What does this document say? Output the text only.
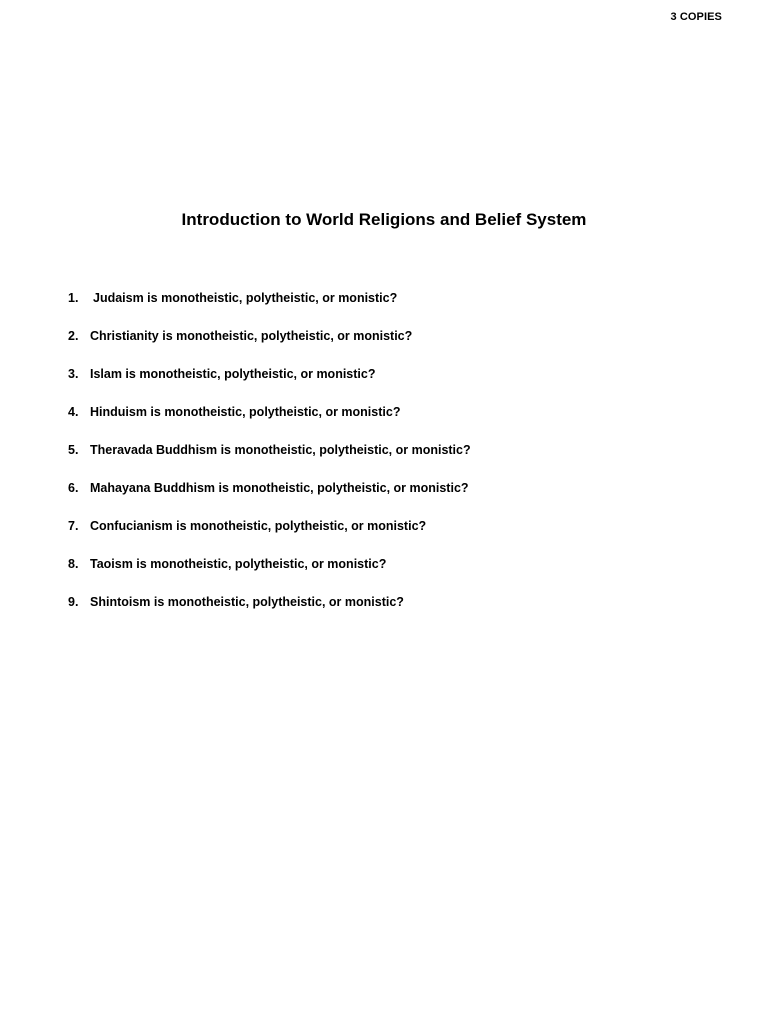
3 COPIES
Introduction to World Religions and Belief System
1.	Judaism is monotheistic, polytheistic, or monistic?
2. Christianity is monotheistic, polytheistic, or monistic?
3. Islam is monotheistic, polytheistic, or monistic?
4. Hinduism is monotheistic, polytheistic, or monistic?
5. Theravada Buddhism is monotheistic, polytheistic, or monistic?
6. Mahayana Buddhism is monotheistic, polytheistic, or monistic?
7. Confucianism is monotheistic, polytheistic, or monistic?
8. Taoism is monotheistic, polytheistic, or monistic?
9. Shintoism is monotheistic, polytheistic, or monistic?
